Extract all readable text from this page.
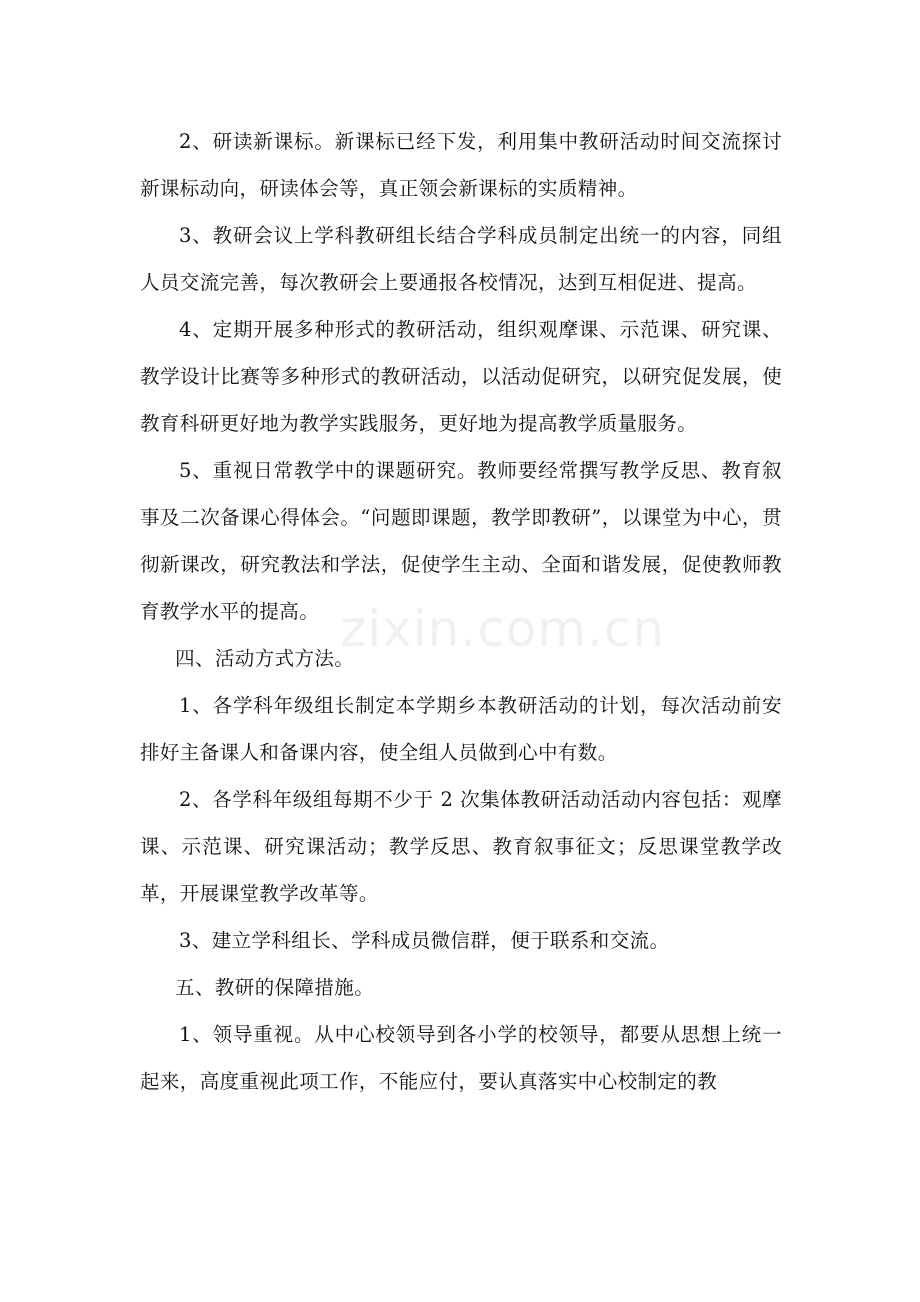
zixin.com.cn

2、研读新课标。新课标已经下发，利用集中教研活动时间交流探讨新课标动向，研读体会等，真正领会新课标的实质精神。

3、教研会议上学科教研组长结合学科成员制定出统一的内容，同组人员交流完善，每次教研会上要通报各校情况，达到互相促进、提高。

4、定期开展多种形式的教研活动，组织观摩课、示范课、研究课、教学设计比赛等多种形式的教研活动，以活动促研究，以研究促发展，使教育科研更好地为教学实践服务，更好地为提高教学质量服务。

5、重视日常教学中的课题研究。教师要经常撰写教学反思、教育叙事及二次备课心得体会。“问题即课题，教学即教研”，以课堂为中心，贯彻新课改，研究教法和学法，促使学生主动、全面和谐发展，促使教师教育教学水平的提高。

四、活动方式方法。

1、各学科年级组长制定本学期乡本教研活动的计划，每次活动前安排好主备课人和备课内容，使全组人员做到心中有数。

2、各学科年级组每期不少于 2 次集体教研活动活动内容包括：观摩课、示范课、研究课活动；教学反思、教育叙事征文；反思课堂教学改革，开展课堂教学改革等。

3、建立学科组长、学科成员微信群，便于联系和交流。

五、教研的保障措施。

1、领导重视。从中心校领导到各小学的校领导，都要从思想上统一起来，高度重视此项工作，不能应付，要认真落实中心校制定的教
